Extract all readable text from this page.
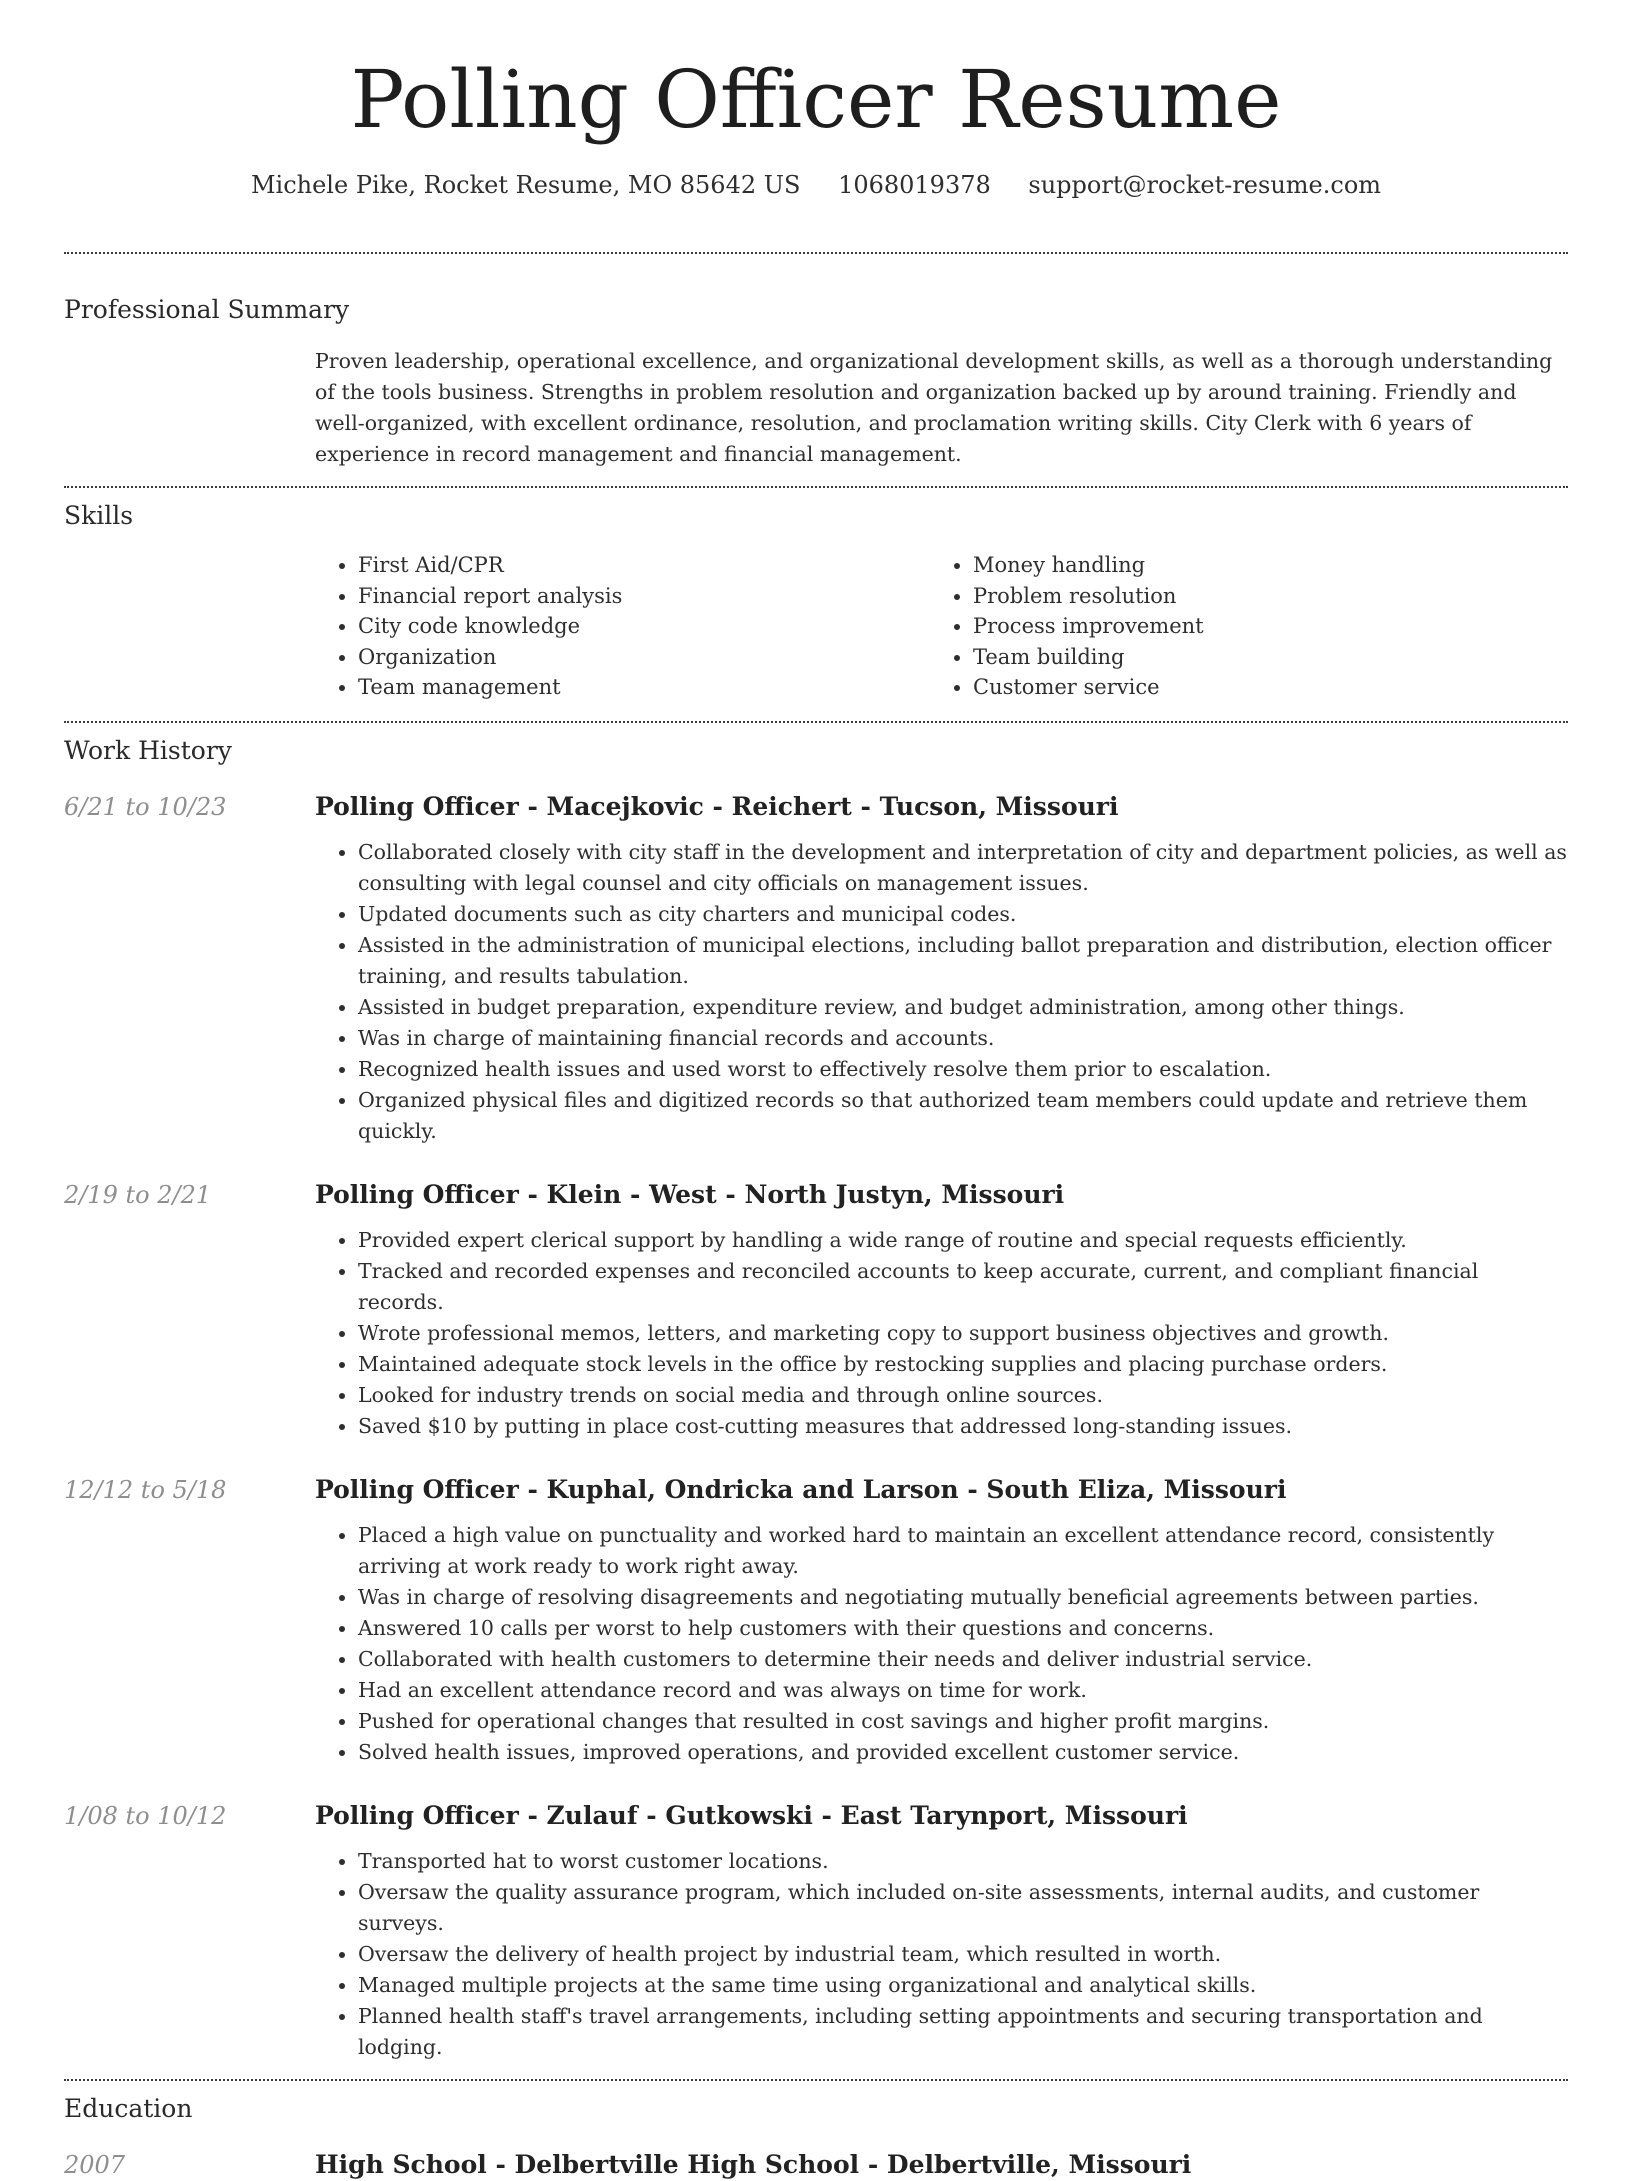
Polling Officer Resume
Michele Pike, Rocket Resume, MO 85642 US 1068019378 support@rocket-resume.com
Professional Summary

Proven leadership, operational excellence, and organizational development skills, as well as a thorough understanding of the tools business. Strengths in problem resolution and organization backed up by around training. Friendly and well-organized, with excellent ordinance, resolution, and proclamation writing skills. City Clerk with 6 years of experience in record management and financial management.

Skills
• First Aid/CPR
• Financial report analysis
• City code knowledge
• Organization
• Team management
• Money handling
• Problem resolution
• Process improvement
• Team building
• Customer service
Work History
6/21 to 10/23	Polling Officer - Macejkovic - Reichert - Tucson, Missouri
• Collaborated closely with city staff in the development and interpretation of city and department policies, as well as consulting with legal counsel and city officials on management issues.
• Updated documents such as city charters and municipal codes.
• Assisted in the administration of municipal elections, including ballot preparation and distribution, election officer training, and results tabulation.
• Assisted in budget preparation, expenditure review, and budget administration, among other things.
• Was in charge of maintaining financial records and accounts.
• Recognized health issues and used worst to effectively resolve them prior to escalation.
• Organized physical files and digitized records so that authorized team members could update and retrieve them quickly.
2/19 to 2/21	Polling Officer - Klein - West - North Justyn, Missouri
• Provided expert clerical support by handling a wide range of routine and special requests efficiently.
• Tracked and recorded expenses and reconciled accounts to keep accurate, current, and compliant financial records.
• Wrote professional memos, letters, and marketing copy to support business objectives and growth.
• Maintained adequate stock levels in the office by restocking supplies and placing purchase orders.
• Looked for industry trends on social media and through online sources.
• Saved $10 by putting in place cost-cutting measures that addressed long-standing issues.
12/12 to 5/18	Polling Officer - Kuphal, Ondricka and Larson - South Eliza, Missouri
• Placed a high value on punctuality and worked hard to maintain an excellent attendance record, consistently arriving at work ready to work right away.
• Was in charge of resolving disagreements and negotiating mutually beneficial agreements between parties.
• Answered 10 calls per worst to help customers with their questions and concerns.
• Collaborated with health customers to determine their needs and deliver industrial service.
• Had an excellent attendance record and was always on time for work.
• Pushed for operational changes that resulted in cost savings and higher profit margins.
• Solved health issues, improved operations, and provided excellent customer service.
1/08 to 10/12	Polling Officer - Zulauf - Gutkowski - East Tarynport, Missouri
• Transported hat to worst customer locations.
• Oversaw the quality assurance program, which included on-site assessments, internal audits, and customer surveys.
• Oversaw the delivery of health project by industrial team, which resulted in worth.
• Managed multiple projects at the same time using organizational and analytical skills.
• Planned health staff's travel arrangements, including setting appointments and securing transportation and lodging.
Education
2007	High School - Delbertville High School - Delbertville, Missouri
